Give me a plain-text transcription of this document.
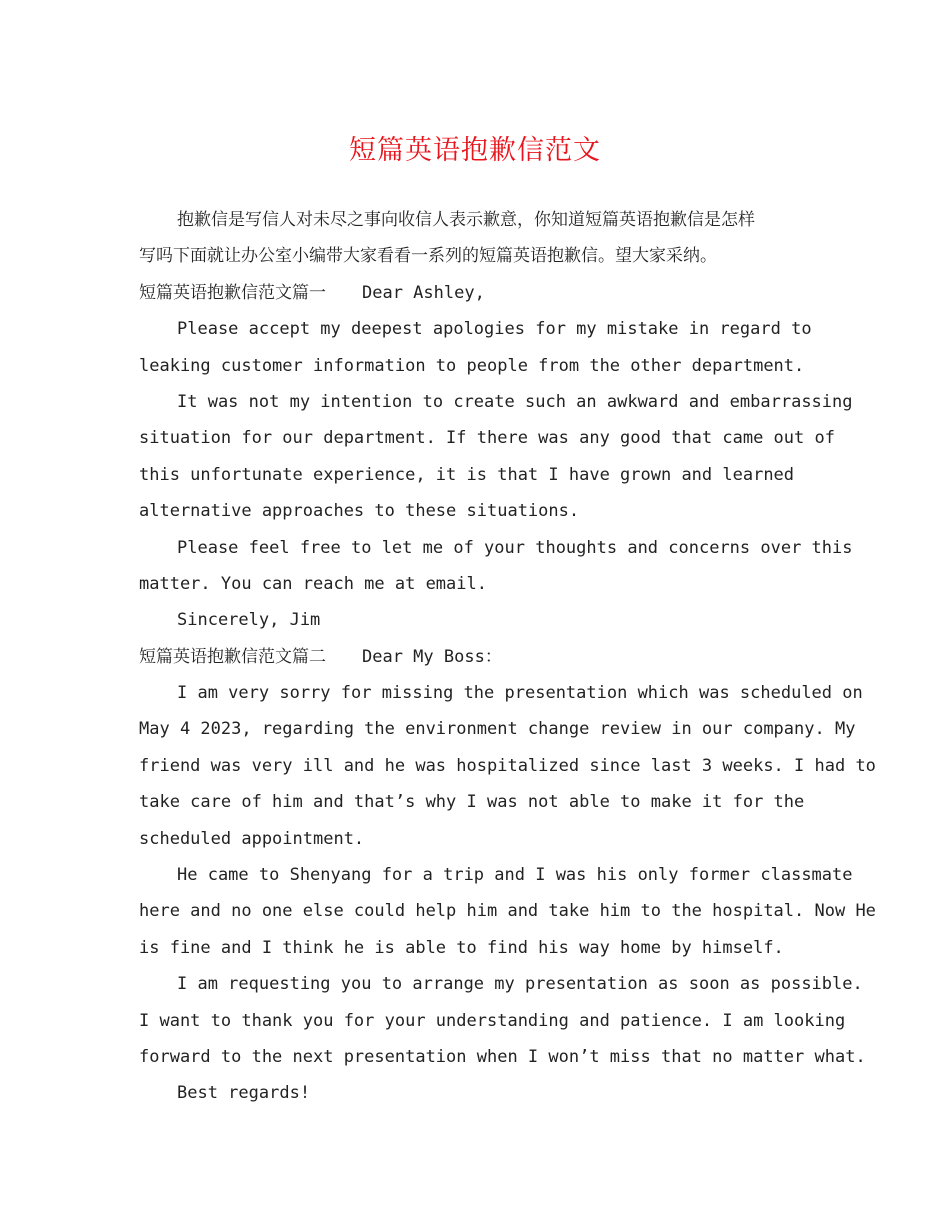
短篇英语抱歉信范文
抱歉信是写信人对未尽之事向收信人表示歉意，你知道短篇英语抱歉信是怎样
写吗下面就让办公室小编带大家看看一系列的短篇英语抱歉信。望大家采纳。
短篇英语抱歉信范文篇一 Dear Ashley,
Please accept my deepest apologies for my mistake in regard to
leaking customer information to people from the other department.
It was not my intention to create such an awkward and embarrassing
situation for our department. If there was any good that came out of
this unfortunate experience, it is that I have grown and learned
alternative approaches to these situations.
Please feel free to let me of your thoughts and concerns over this
matter. You can reach me at email.
Sincerely, Jim
短篇英语抱歉信范文篇二 Dear My Boss：
I am very sorry for missing the presentation which was scheduled on
May 4 2023, regarding the environment change review in our company. My
friend was very ill and he was hospitalized since last 3 weeks. I had to
take care of him and that’s why I was not able to make it for the
scheduled appointment.
He came to Shenyang for a trip and I was his only former classmate
here and no one else could help him and take him to the hospital. Now He
is fine and I think he is able to find his way home by himself.
I am requesting you to arrange my presentation as soon as possible.
I want to thank you for your understanding and patience. I am looking
forward to the next presentation when I won’t miss that no matter what.
Best regards!
